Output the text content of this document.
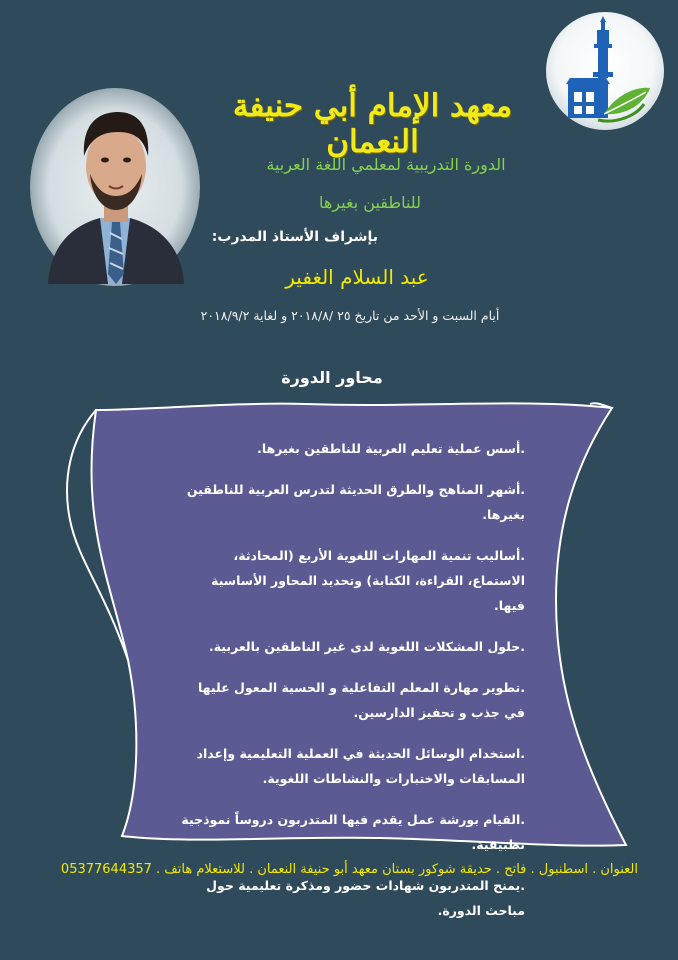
معهد الإمام أبي حنيفة النعمان
الدورة التدريبية لمعلمي اللغة العربية
للناطقين بغيرها
بإشراف الأستاذ المدرب:
عبد السلام الغفير
أيام السبت و الأحد من تاريخ ٢٥ /٢٠١٨/٨ و لغاية ٢٠١٨/٩/٢
محاور الدورة
.أسس عملية تعليم العربية للناطقين بغيرها.
.أشهر المناهج والطرق الحديثة لتدرس العربية للناطقين بغيرها.
.أساليب تنمية المهارات اللغوية الأربع (المحادثة، الاستماع، القراءة، الكتابة) وتحديد المحاور الأساسية فيها.
.حلول المشكلات اللغوية لدى غير الناطقين بالعربية.
.تطوير مهارة المعلم التفاعلية و الحسية المعول عليها في جذب و تحفيز الدارسين.
.استخدام الوسائل الحديثة في العملية التعليمية وإعداد المسابقات والاختبارات والنشاطات اللغوية.
.القيام بورشة عمل يقدم فيها المتدربون دروساً نموذجية تطبيقية.
.يمنح المتدربون شهادات حضور ومذكرة تعليمية حول مباحث الدورة.
العنوان . اسطنبول . فاتح . حديقة شوكور بستان معهد أبو حنيفة النعمان . للاستعلام هاتف . 05377644357
